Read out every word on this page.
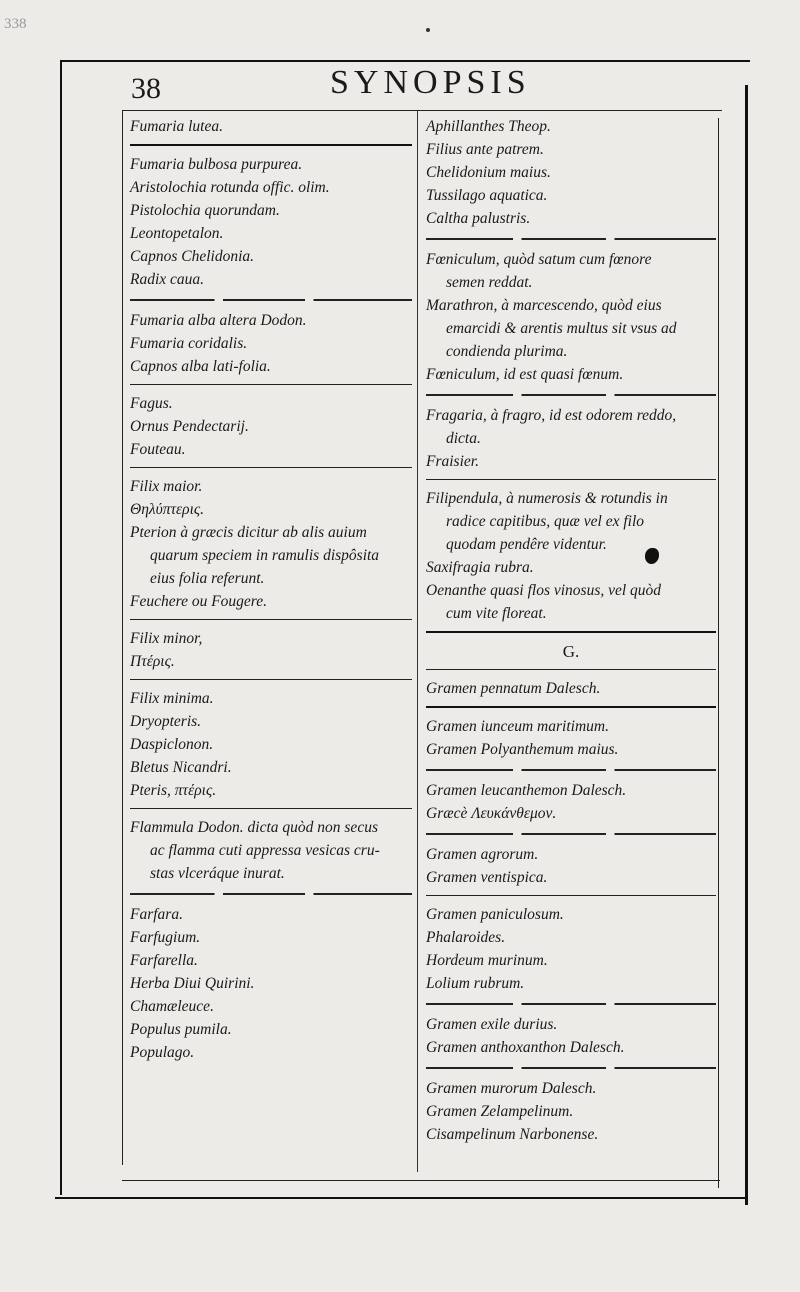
338
38	SYNOPSIS
Fumaria lutea.
Fumaria bulbosa purpurea.
Aristolochia rotunda offic. olim.
Pistolochia quorundam.
Leontopetalon.
Capnos Chelidonia.
Radix caua.
Fumaria alba altera Dodon.
Fumaria coridalis.
Capnos alba lati-folia.
Fagus.
Ornus Pendectarij.
Fouteau.
Filix maior.
Θηλύπτερις.
Pterion à græcis dicitur ab alis auium
quarum speciem in ramulis dispôsita
eius folia referunt.
Feuchere ou Fougere.
Filix minor,
Πτέρις.
Filix minima.
Dryopteris.
Daspiclonon.
Bletus Nicandri.
Pteris, πτέρις.
Flammula Dodon. dicta quòd non secus
ac flamma cuti appressa vesicas cru-
stas vlceráque inurat.
Farfara.
Farfugium.
Farfarella.
Herba Diui Quirini.
Chamæleuce.
Populus pumila.
Populago.
Aphillanthes Theop.
Filius ante patrem.
Chelidonium maius.
Tussilago aquatica.
Caltha palustris.
Fœniculum, quòd satum cum fœnore
semen reddat.
Marathron, à marcescendo, quòd eius
emarcidi & arentis multus sit vsus ad
condienda plurima.
Fœniculum, id est quasi fœnum.
Fragaria, à fragro, id est odorem reddo,
dicta.
Fraisier.
Filipendula, à numerosis & rotundis in
radice capitibus, quæ vel ex filo
quodam pendêre videntur.
Saxifragia rubra.
Oenanthe quasi flos vinosus, vel quòd
cum vite floreat.
G.
Gramen pennatum Dalesch.
Gramen iunceum maritimum.
Gramen Polyanthemum maius.
Gramen leucanthemon Dalesch.
Græcè Λευκάνθεμον.
Gramen agrorum.
Gramen ventispica.
Gramen paniculosum.
Phalaroides.
Hordeum murinum.
Lolium rubrum.
Gramen exile durius.
Gramen anthoxanthon Dalesch.
Gramen murorum Dalesch.
Gramen Zelampelinum.
Cisampelinum Narbonense.
